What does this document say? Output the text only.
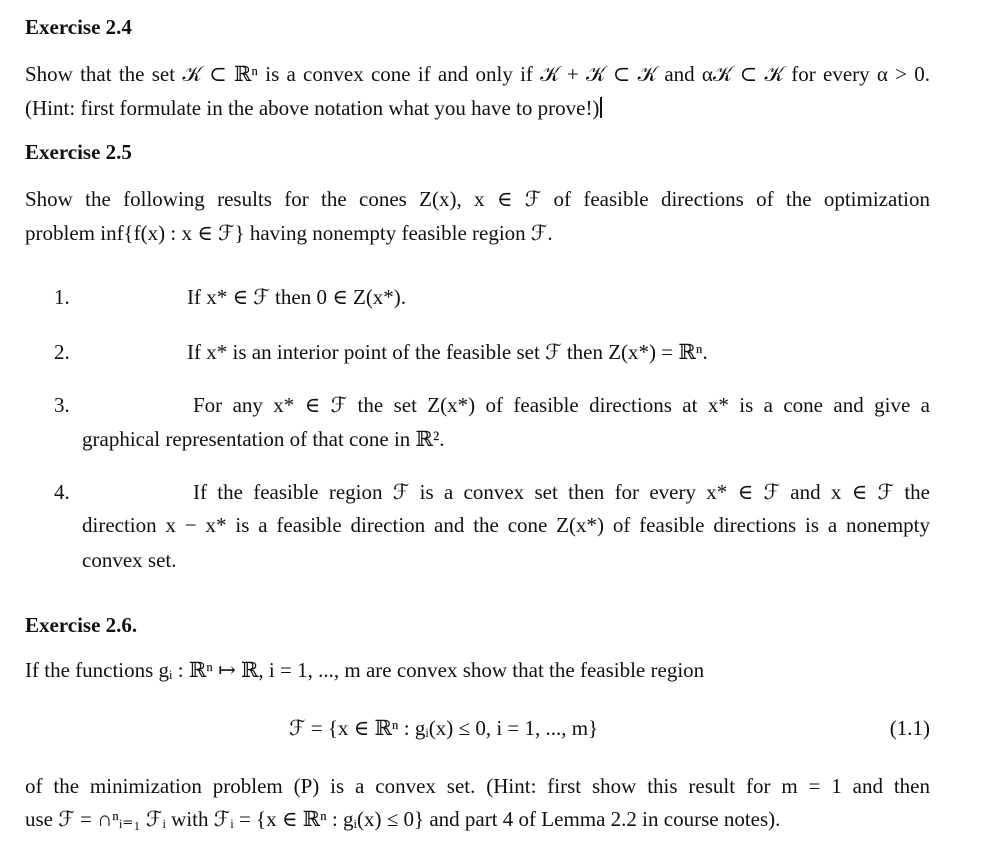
Exercise 2.4
Show that the set 𝒦 ⊂ ℝⁿ is a convex cone if and only if 𝒦 + 𝒦 ⊂ 𝒦 and α𝒦 ⊂ 𝒦 for every α > 0.
(Hint: first formulate in the above notation what you have to prove!)
Exercise 2.5
Show the following results for the cones Z(x), x ∈ ℱ of feasible directions of the optimization
problem inf{f(x) : x ∈ ℱ} having nonempty feasible region ℱ.
1.	If x* ∈ ℱ then 0 ∈ Z(x*).
2.	If x* is an interior point of the feasible set ℱ then Z(x*) = ℝⁿ.
3.	For any x* ∈ ℱ the set Z(x*) of feasible directions at x* is a cone and give a
graphical representation of that cone in ℝ².
4.	If the feasible region ℱ is a convex set then for every x* ∈ ℱ and x ∈ ℱ the
direction x − x* is a feasible direction and the cone Z(x*) of feasible directions is a nonempty
convex set.
Exercise 2.6.
If the functions gᵢ : ℝⁿ ↦ ℝ, i = 1, ..., m are convex show that the feasible region
ℱ = {x ∈ ℝⁿ : gᵢ(x) ≤ 0, i = 1, ..., m}	(1.1)
of the minimization problem (P) is a convex set. (Hint: first show this result for m = 1 and then
use ℱ = ∩ⁿᵢ₌₁ ℱᵢ with ℱᵢ = {x ∈ ℝⁿ : gᵢ(x) ≤ 0} and part 4 of Lemma 2.2 in course notes).
